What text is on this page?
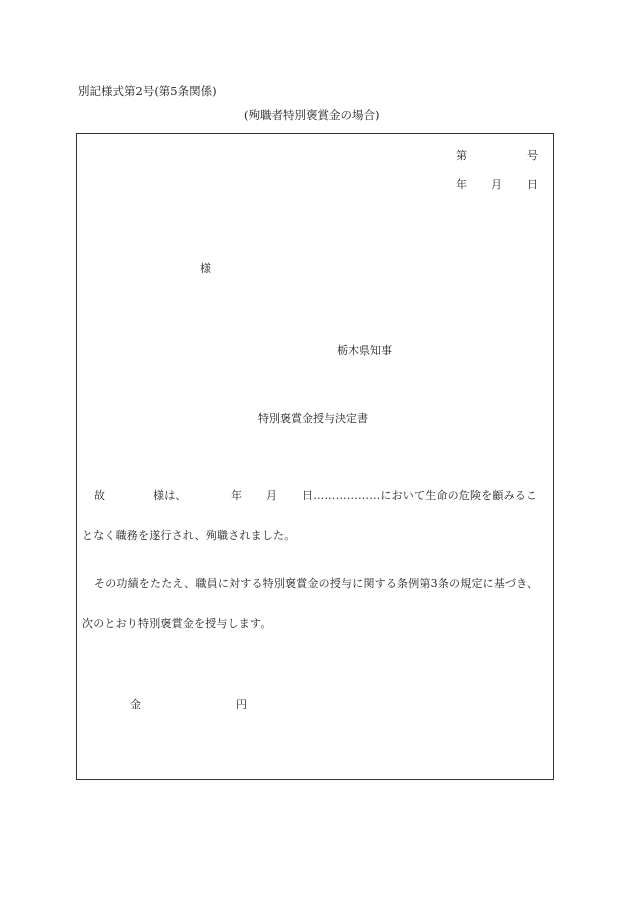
別記様式第2号(第5条関係)
(殉職者特別褒賞金の場合)
第	号
年 月 日
様
栃木県知事
特別褒賞金授与決定書
故	様は、	年 月 日………………において生命の危険を顧みるこ
となく職務を遂行され、殉職されました。
その功績をたたえ、職員に対する特別褒賞金の授与に関する条例第3条の規定に基づき、
次のとおり特別褒賞金を授与します。
金	円
